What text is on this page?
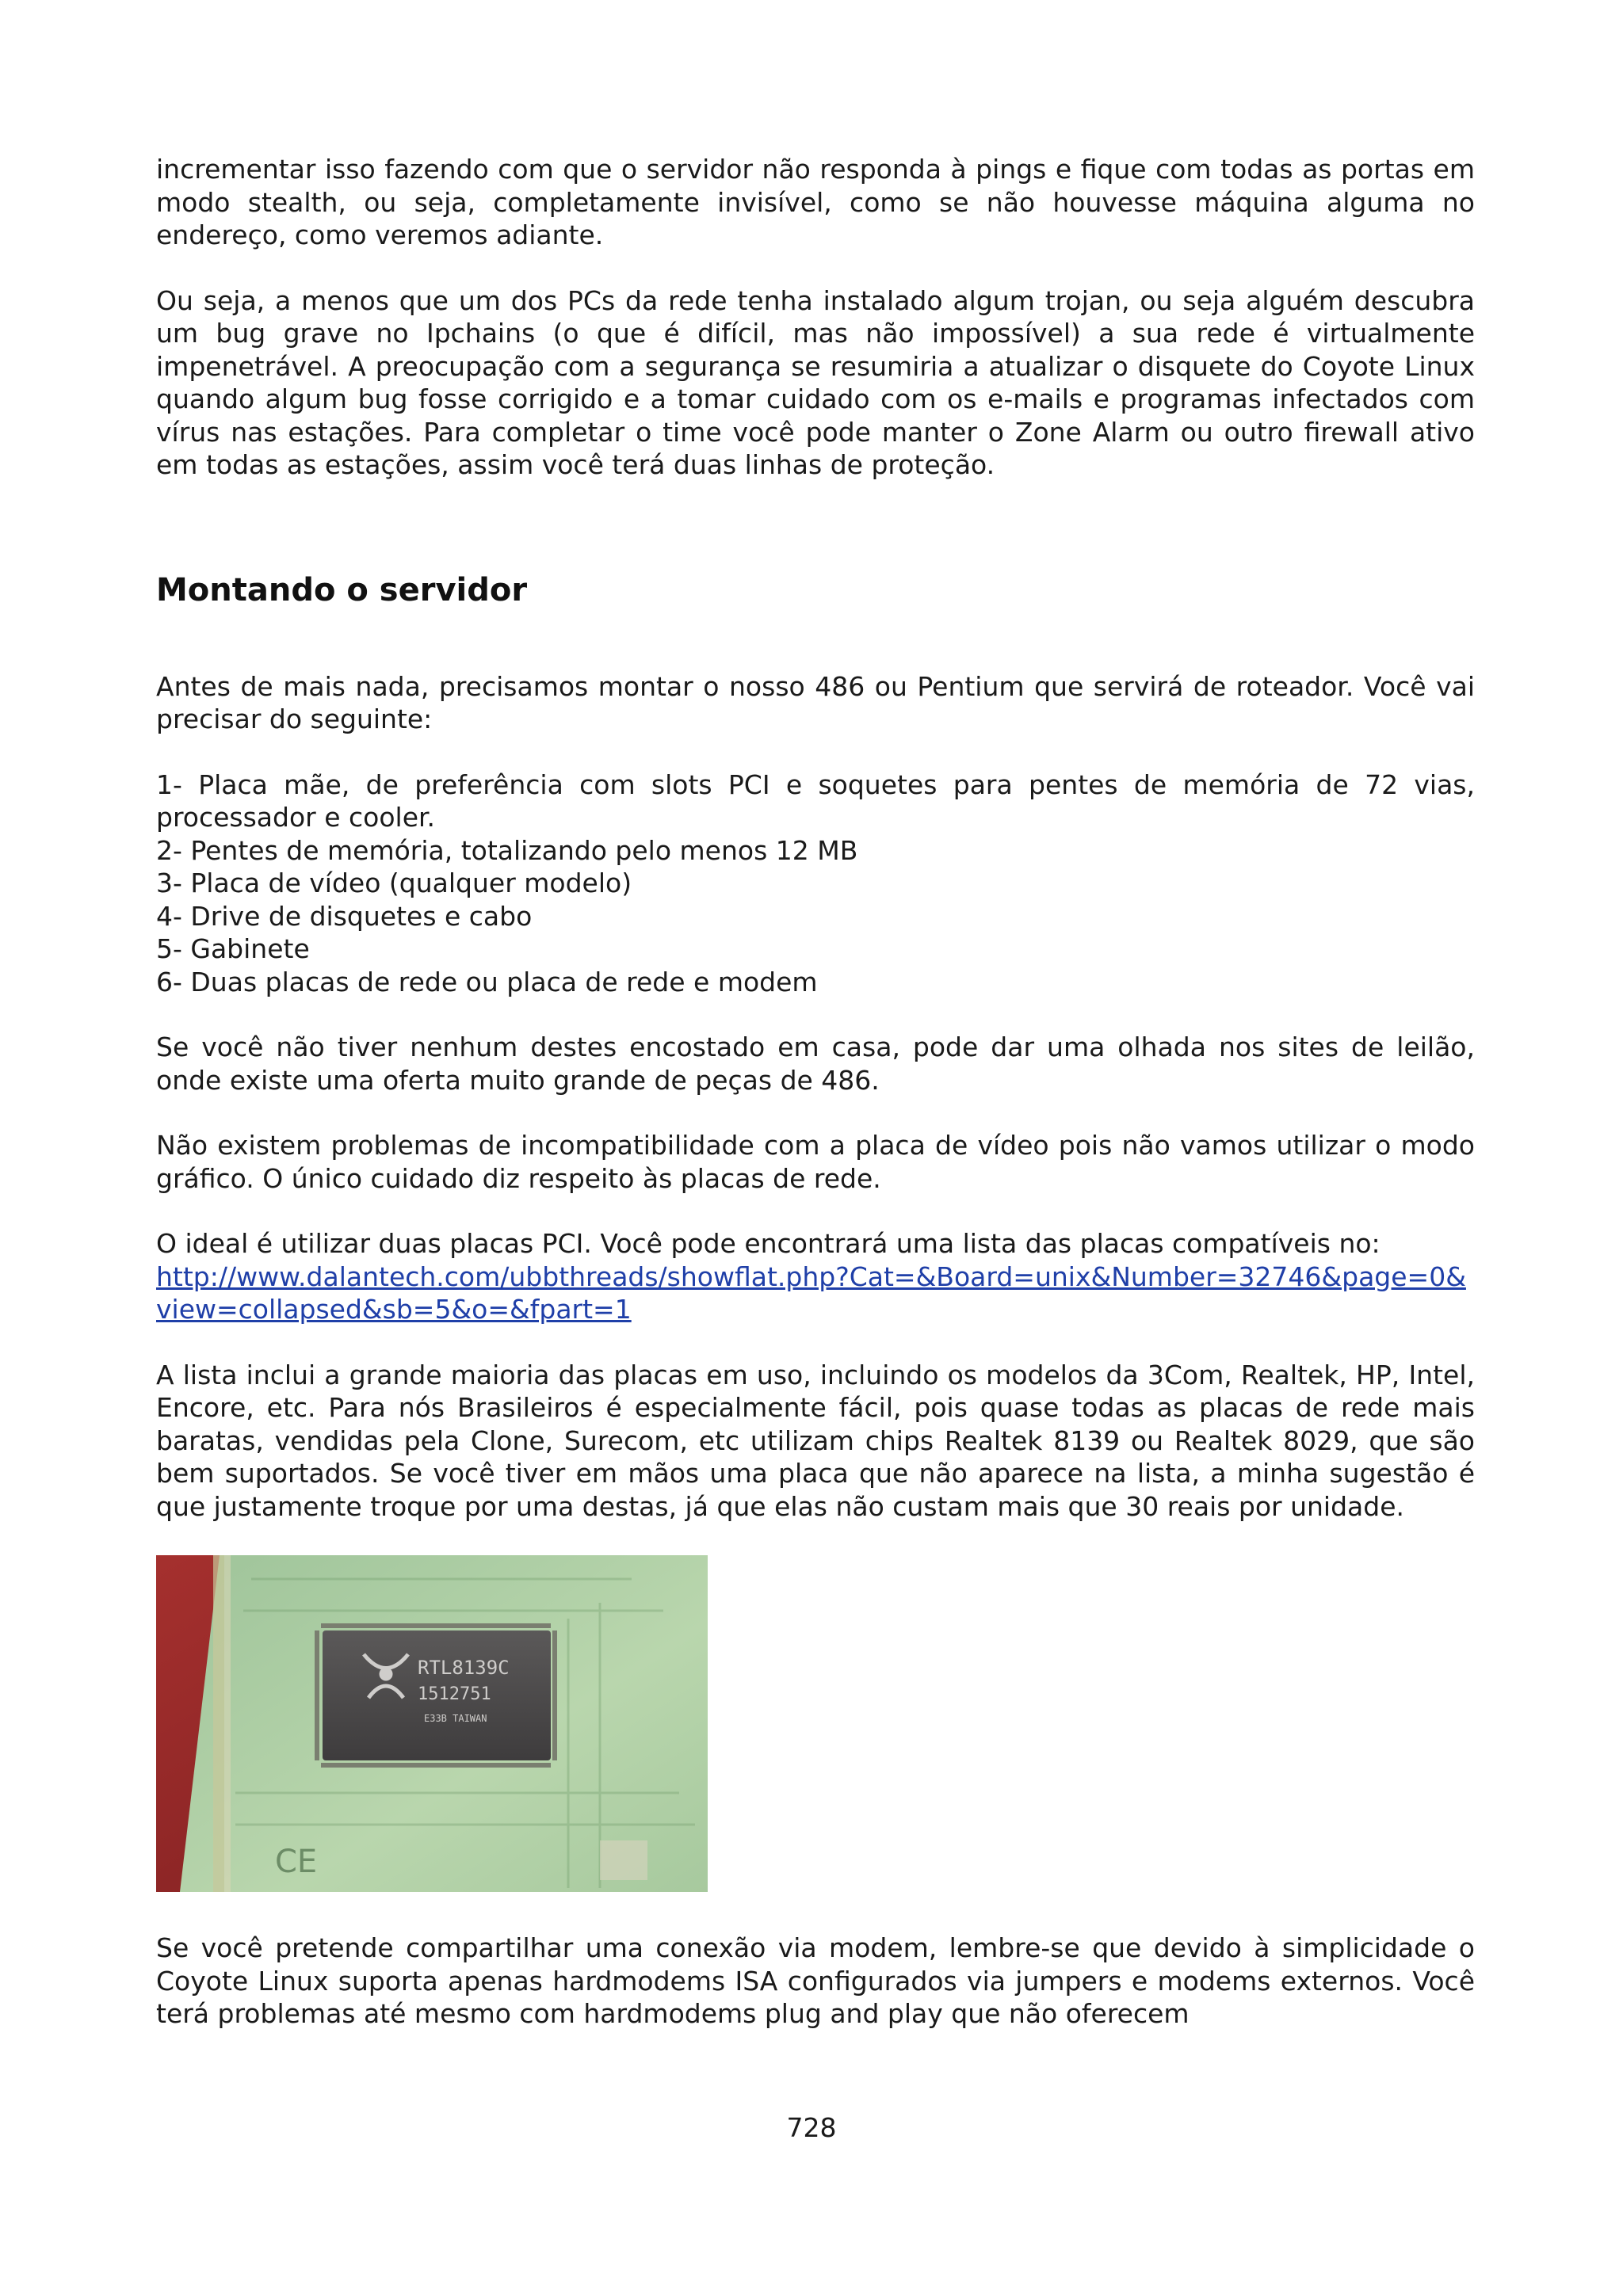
incrementar isso fazendo com que o servidor não responda à pings e fique com todas as portas em modo stealth, ou seja, completamente invisível, como se não houvesse máquina alguma no endereço, como veremos adiante.

Ou seja, a menos que um dos PCs da rede tenha instalado algum trojan, ou seja alguém descubra um bug grave no Ipchains (o que é difícil, mas não impossível) a sua rede é virtualmente impenetrável. A preocupação com a segurança se resumiria a atualizar o disquete do Coyote Linux quando algum bug fosse corrigido e a tomar cuidado com os e-mails e programas infectados com vírus nas estações. Para completar o time você pode manter o Zone Alarm ou outro firewall ativo em todas as estações, assim você terá duas linhas de proteção.

Montando o servidor

Antes de mais nada, precisamos montar o nosso 486 ou Pentium que servirá de roteador. Você vai precisar do seguinte:

1- Placa mãe, de preferência com slots PCI e soquetes para pentes de memória de 72 vias, processador e cooler.

2- Pentes de memória, totalizando pelo menos 12 MB
3- Placa de vídeo (qualquer modelo)
4- Drive de disquetes e cabo
5- Gabinete
6- Duas placas de rede ou placa de rede e modem

Se você não tiver nenhum destes encostado em casa, pode dar uma olhada nos sites de leilão, onde existe uma oferta muito grande de peças de 486.

Não existem problemas de incompatibilidade com a placa de vídeo pois não vamos utilizar o modo gráfico. O único cuidado diz respeito às placas de rede.

O ideal é utilizar duas placas PCI. Você pode encontrará uma lista das placas compatíveis no:
http://www.dalantech.com/ubbthreads/showflat.php?Cat=&Board=unix&Number=32746&page=0&view=collapsed&sb=5&o=&fpart=1

A lista inclui a grande maioria das placas em uso, incluindo os modelos da 3Com, Realtek, HP, Intel, Encore, etc. Para nós Brasileiros é especialmente fácil, pois quase todas as placas de rede mais baratas, vendidas pela Clone, Surecom, etc utilizam chips Realtek 8139 ou Realtek 8029, que são bem suportados. Se você tiver em mãos uma placa que não aparece na lista, a minha sugestão é que justamente troque por uma destas, já que elas não custam mais que 30 reais por unidade.

RTL8139C
1512751
E33B TAIWAN
CE

Se você pretende compartilhar uma conexão via modem, lembre-se que devido à simplicidade o Coyote Linux suporta apenas hardmodems ISA configurados via jumpers e modems externos. Você terá problemas até mesmo com hardmodems plug and play que não oferecem

728
